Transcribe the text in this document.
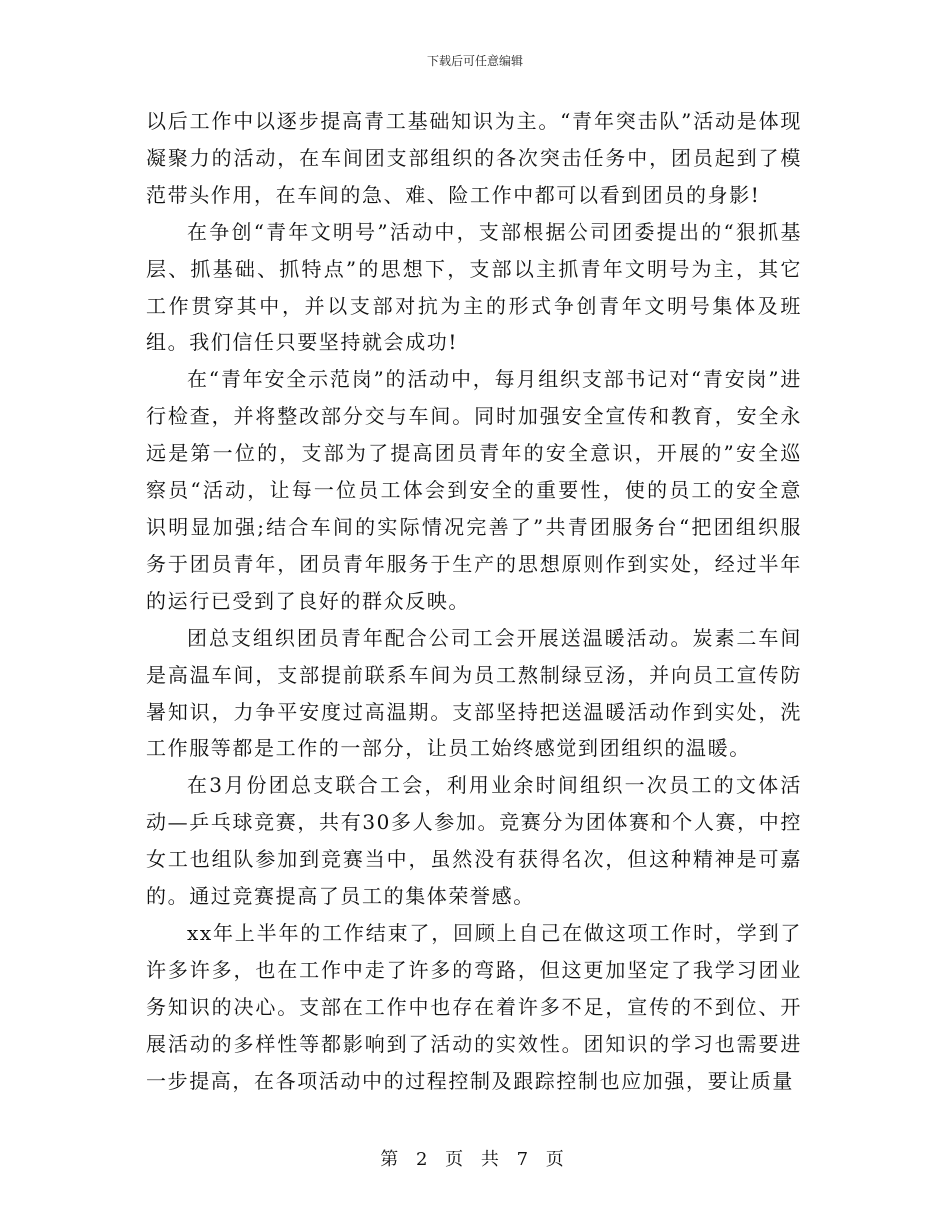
下载后可任意编辑

以后工作中以逐步提高青工基础知识为主。“青年突击队”活动是体现凝聚力的活动，在车间团支部组织的各次突击任务中，团员起到了模范带头作用，在车间的急、难、险工作中都可以看到团员的身影!

在争创“青年文明号”活动中，支部根据公司团委提出的“狠抓基层、抓基础、抓特点”的思想下，支部以主抓青年文明号为主，其它工作贯穿其中，并以支部对抗为主的形式争创青年文明号集体及班组。我们信任只要坚持就会成功!

在“青年安全示范岗”的活动中，每月组织支部书记对“青安岗”进行检查，并将整改部分交与车间。同时加强安全宣传和教育，安全永远是第一位的，支部为了提高团员青年的安全意识，开展的”安全巡察员“活动，让每一位员工体会到安全的重要性，使的员工的安全意识明显加强;结合车间的实际情况完善了”共青团服务台“把团组织服务于团员青年，团员青年服务于生产的思想原则作到实处，经过半年的运行已受到了良好的群众反映。

团总支组织团员青年配合公司工会开展送温暖活动。炭素二车间是高温车间，支部提前联系车间为员工熬制绿豆汤，并向员工宣传防暑知识，力争平安度过高温期。支部坚持把送温暖活动作到实处，洗工作服等都是工作的一部分，让员工始终感觉到团组织的温暖。

在3月份团总支联合工会，利用业余时间组织一次员工的文体活动—乒乓球竞赛，共有30多人参加。竞赛分为团体赛和个人赛，中控女工也组队参加到竞赛当中，虽然没有获得名次，但这种精神是可嘉的。通过竞赛提高了员工的集体荣誉感。

xx年上半年的工作结束了，回顾上自己在做这项工作时，学到了许多许多，也在工作中走了许多的弯路，但这更加坚定了我学习团业务知识的决心。支部在工作中也存在着许多不足，宣传的不到位、开展活动的多样性等都影响到了活动的实效性。团知识的学习也需要进一步提高，在各项活动中的过程控制及跟踪控制也应加强，要让质量

第 2 页 共 7 页
